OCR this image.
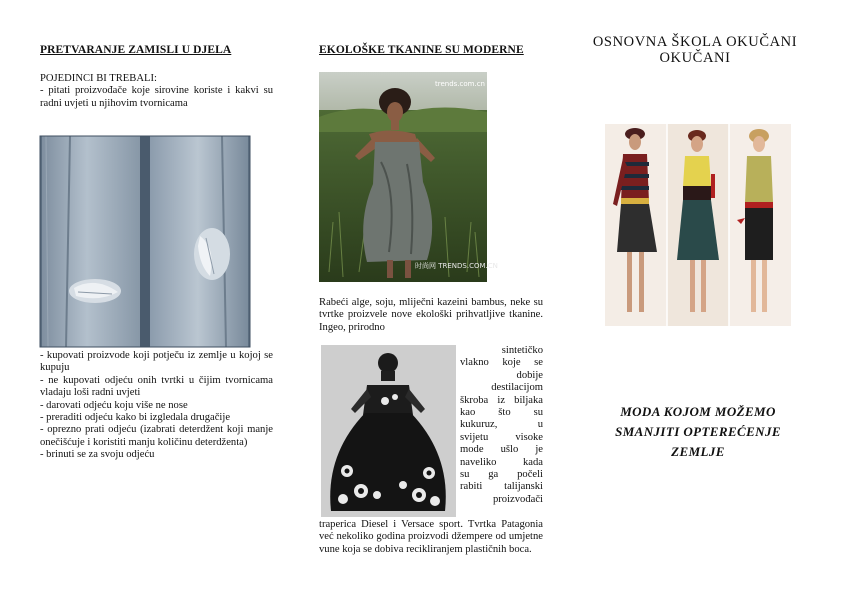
PRETVARANJE ZAMISLI U DJELA

POJEDINCI BI TREBALI:

- pitati proizvođače koje sirovine koriste i kakvi su radni uvjeti u njihovim tvornicama

- kupovati proizvode koji potječu iz zemlje u kojoj se kupuju

- ne kupovati odjeću onih tvrtki u čijim tvornicama vladaju loši radni uvjeti

- darovati odjeću koju više ne nose

- preraditi odjeću kako bi izgledala drugačije

- oprezno prati odjeću (izabrati deterdžent koji manje onečišćuje i koristiti manju količinu deterdženta)

- brinuti se za svoju odjeću

EKOLOŠKE TKANINE SU MODERNE
trends.com.cn
时尚网 TRENDS.COM.CN
Rabeći alge, soju, mliječni kazeini bambus, neke su tvrtke proizvele nove ekološki prihvatljive tkanine. Ingeo, prirodno
sintetičko
vlakno koje se
dobije
destilacijom
škroba iz biljaka
kao što su
kukuruz, u
svijetu visoke
mode ušlo je
naveliko kada
su ga počeli
rabiti talijanski
proizvođači
traperica Diesel i Versace sport. Tvrtka Patagonia već nekoliko godina proizvodi džempere od umjetne vune koja se dobiva recikliranjem plastičnih boca.
OSNOVNA ŠKOLA OKUČANI
OKUČANI
MODA KOJOM MOŽEMO
SMANJITI OPTEREĆENJE
ZEMLJE
